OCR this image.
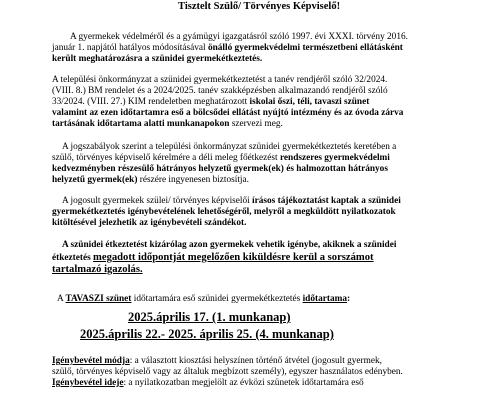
Tisztelt Szülő/ Törvényes Képviselő!
A gyermekek védelméről és a gyámügyi igazgatásról szóló 1997. évi XXXI. törvény 2016.
január 1. napjától hatályos módosításával önálló gyermekvédelmi természetbeni ellátásként
került meghatározásra a szünidei gyermekétkeztetés.
A települési önkormányzat a szünidei gyermekétkeztetést a tanév rendjéről szóló 32/2024.
(VIII. 8.) BM rendelet és a 2024/2025. tanév szakképzésben alkalmazandó rendjéről szóló
33/2024. (VIII. 27.) KIM rendeletben meghatározott iskolai őszi, téli, tavaszi szünet
valamint az ezen időtartamra eső a bölcsődei ellátást nyújtó intézmény és az óvoda zárva
tartásának időtartama alatti munkanapokon szervezi meg.
A jogszabályok szerint a települési önkormányzat szünidei gyermekétkeztetés keretében a
szülő, törvényes képviselő kérelmére a déli meleg főétkezést rendszeres gyermekvédelmi
kedvezményben részesülő hátrányos helyzetű gyermek(ek) és halmozottan hátrányos
helyzetű gyermek(ek) részére ingyenesen biztosítja.
A jogosult gyermekek szülei/ törvényes képviselői írásos tájékoztatást kaptak a szünidei
gyermekétkeztetés igénybevételének lehetőségéről, melyről a megküldött nyilatkozatok
kitöltésével jelezhetik az igénybevételi szándékot.
A szünidei étkeztetést kizárólag azon gyermekek vehetik igénybe, akiknek a szünidei
étkeztetés megadott időpontját megelőzően kiküldésre kerül a sorszámot
tartalmazó igazolás.
A TAVASZI szünet időtartamára eső szünidei gyermekétkeztetés időtartama:
2025.április 17. (1. munkanap)
2025.április 22.- 2025. április 25. (4. munkanap)
Igénybevétel módja: a választott kiosztási helyszínen történő átvétel (jogosult gyermek,
szülő, törvényes képviselő vagy az általuk megbízott személy), egyszer használatos edényben.
Igénybevétel ideje: a nyilatkozatban megjelölt az évközi szünetek időtartamára eső
